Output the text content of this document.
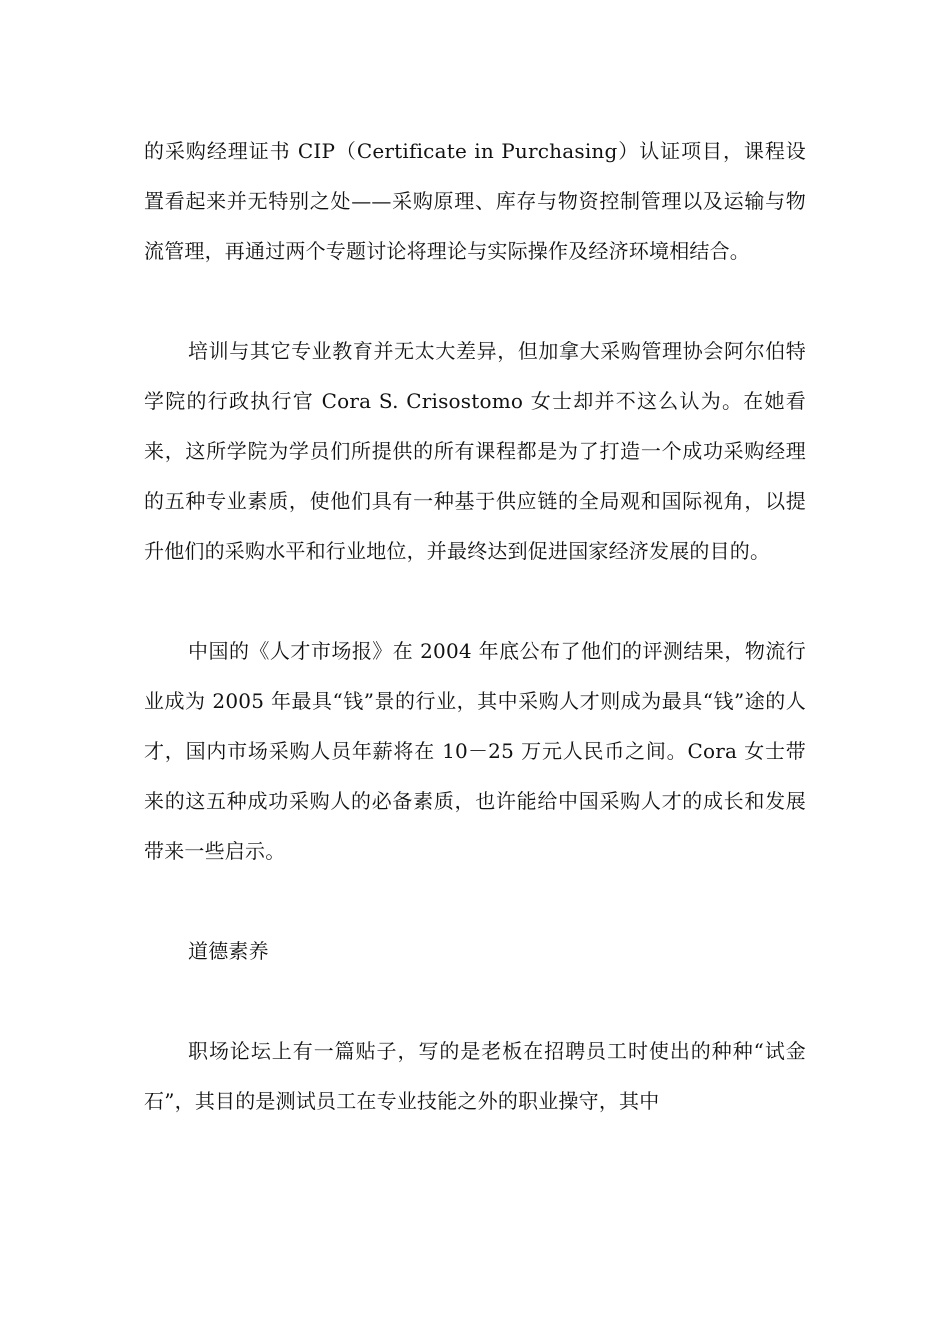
的采购经理证书 CIP（Certificate in Purchasing）认证项目，课程设置看起来并无特别之处——采购原理、库存与物资控制管理以及运输与物流管理，再通过两个专题讨论将理论与实际操作及经济环境相结合。

培训与其它专业教育并无太大差异，但加拿大采购管理协会阿尔伯特学院的行政执行官 Cora S. Crisostomo 女士却并不这么认为。在她看来，这所学院为学员们所提供的所有课程都是为了打造一个成功采购经理的五种专业素质，使他们具有一种基于供应链的全局观和国际视角，以提升他们的采购水平和行业地位，并最终达到促进国家经济发展的目的。

中国的《人才市场报》在 2004 年底公布了他们的评测结果，物流行业成为 2005 年最具“钱”景的行业，其中采购人才则成为最具“钱”途的人才，国内市场采购人员年薪将在 10－25 万元人民币之间。Cora 女士带来的这五种成功采购人的必备素质，也许能给中国采购人才的成长和发展带来一些启示。

道德素养

职场论坛上有一篇贴子，写的是老板在招聘员工时使出的种种“试金石”，其目的是测试员工在专业技能之外的职业操守，其中
